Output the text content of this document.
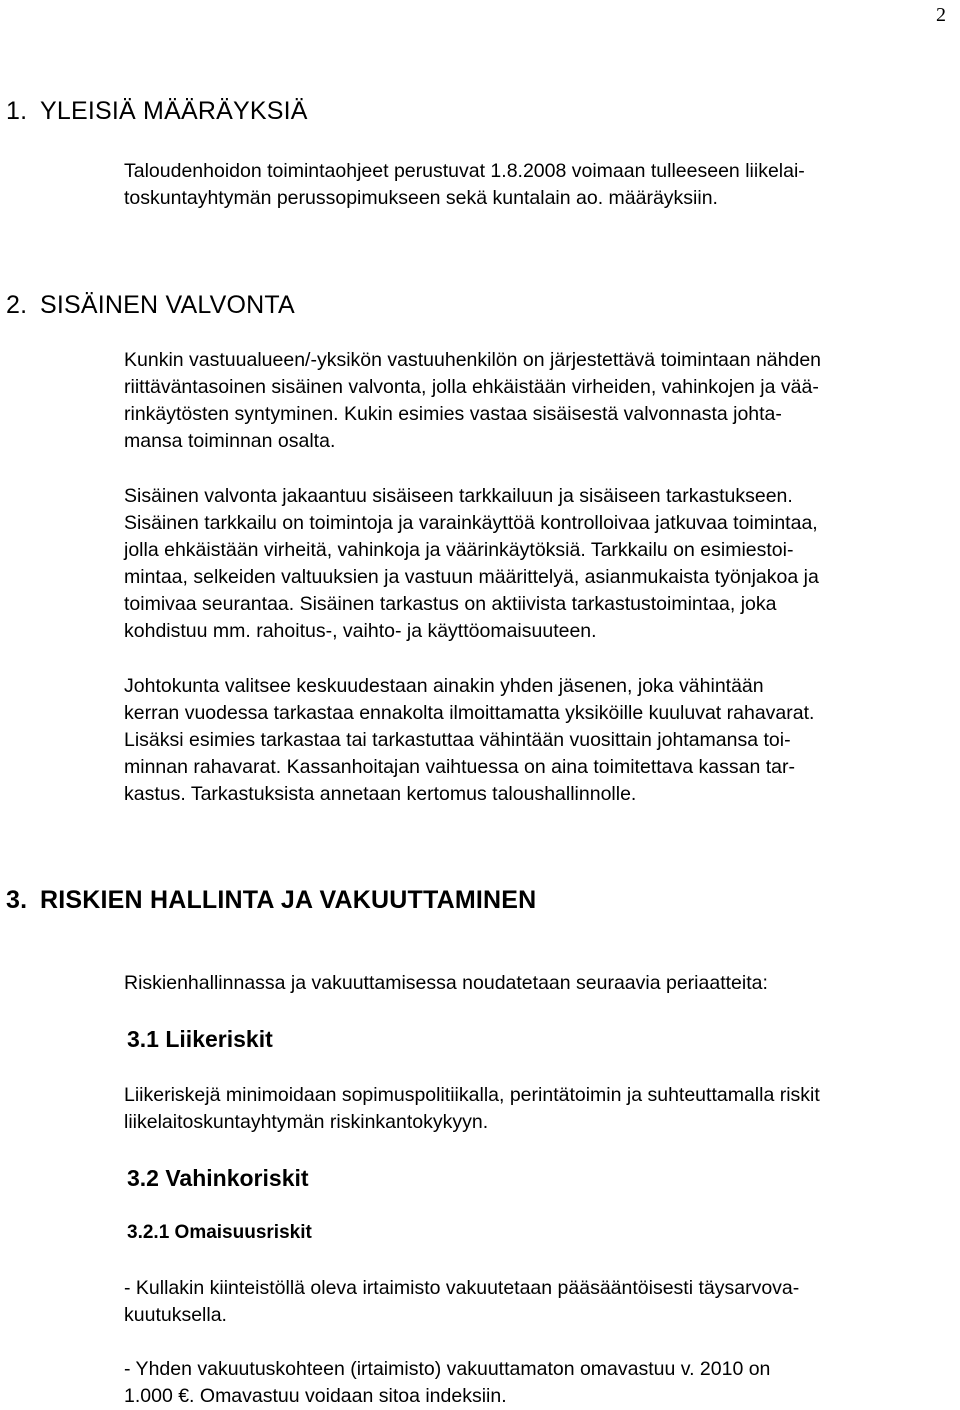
2
1. YLEISIÄ MÄÄRÄYKSIÄ

Taloudenhoidon toimintaohjeet perustuvat 1.8.2008 voimaan tulleeseen liikelai-
toskuntayhtymän perussopimukseen sekä kuntalain ao. määräyksiin.

2. SISÄINEN VALVONTA

Kunkin vastuualueen/-yksikön vastuuhenkilön on järjestettävä toimintaan nähden
riittäväntasoinen sisäinen valvonta, jolla ehkäistään virheiden, vahinkojen ja vää-
rinkäytösten syntyminen. Kukin esimies vastaa sisäisestä valvonnasta johta-
mansa toiminnan osalta.

Sisäinen valvonta jakaantuu sisäiseen tarkkailuun ja sisäiseen tarkastukseen.
Sisäinen tarkkailu on toimintoja ja varainkäyttöä kontrolloivaa jatkuvaa toimintaa,
jolla ehkäistään virheitä, vahinkoja ja väärinkäytöksiä. Tarkkailu on esimiestoi-
mintaa, selkeiden valtuuksien ja vastuun määrittelyä, asianmukaista työnjakoa ja
toimivaa seurantaa. Sisäinen tarkastus on aktiivista tarkastustoimintaa, joka
kohdistuu mm. rahoitus-, vaihto- ja käyttöomaisuuteen.

Johtokunta valitsee keskuudestaan ainakin yhden jäsenen, joka vähintään
kerran vuodessa tarkastaa ennakolta ilmoittamatta yksiköille kuuluvat rahavarat.
Lisäksi esimies tarkastaa tai tarkastuttaa vähintään vuosittain johtamansa toi-
minnan rahavarat. Kassanhoitajan vaihtuessa on aina toimitettava kassan tar-
kastus. Tarkastuksista annetaan kertomus taloushallinnolle.

3. RISKIEN HALLINTA JA VAKUUTTAMINEN

Riskienhallinnassa ja vakuuttamisessa noudatetaan seuraavia periaatteita:

3.1 Liikeriskit

Liikeriskejä minimoidaan sopimuspolitiikalla, perintätoimin ja suhteuttamalla riskit
liikelaitoskuntayhtymän riskinkantokykyyn.

3.2 Vahinkoriskit
3.2.1 Omaisuusriskit

- Kullakin kiinteistöllä oleva irtaimisto vakuutetaan pääsääntöisesti täysarvova-
kuutuksella.

- Yhden vakuutuskohteen (irtaimisto) vakuuttamaton omavastuu v. 2010 on
1.000 €. Omavastuu voidaan sitoa indeksiin.
